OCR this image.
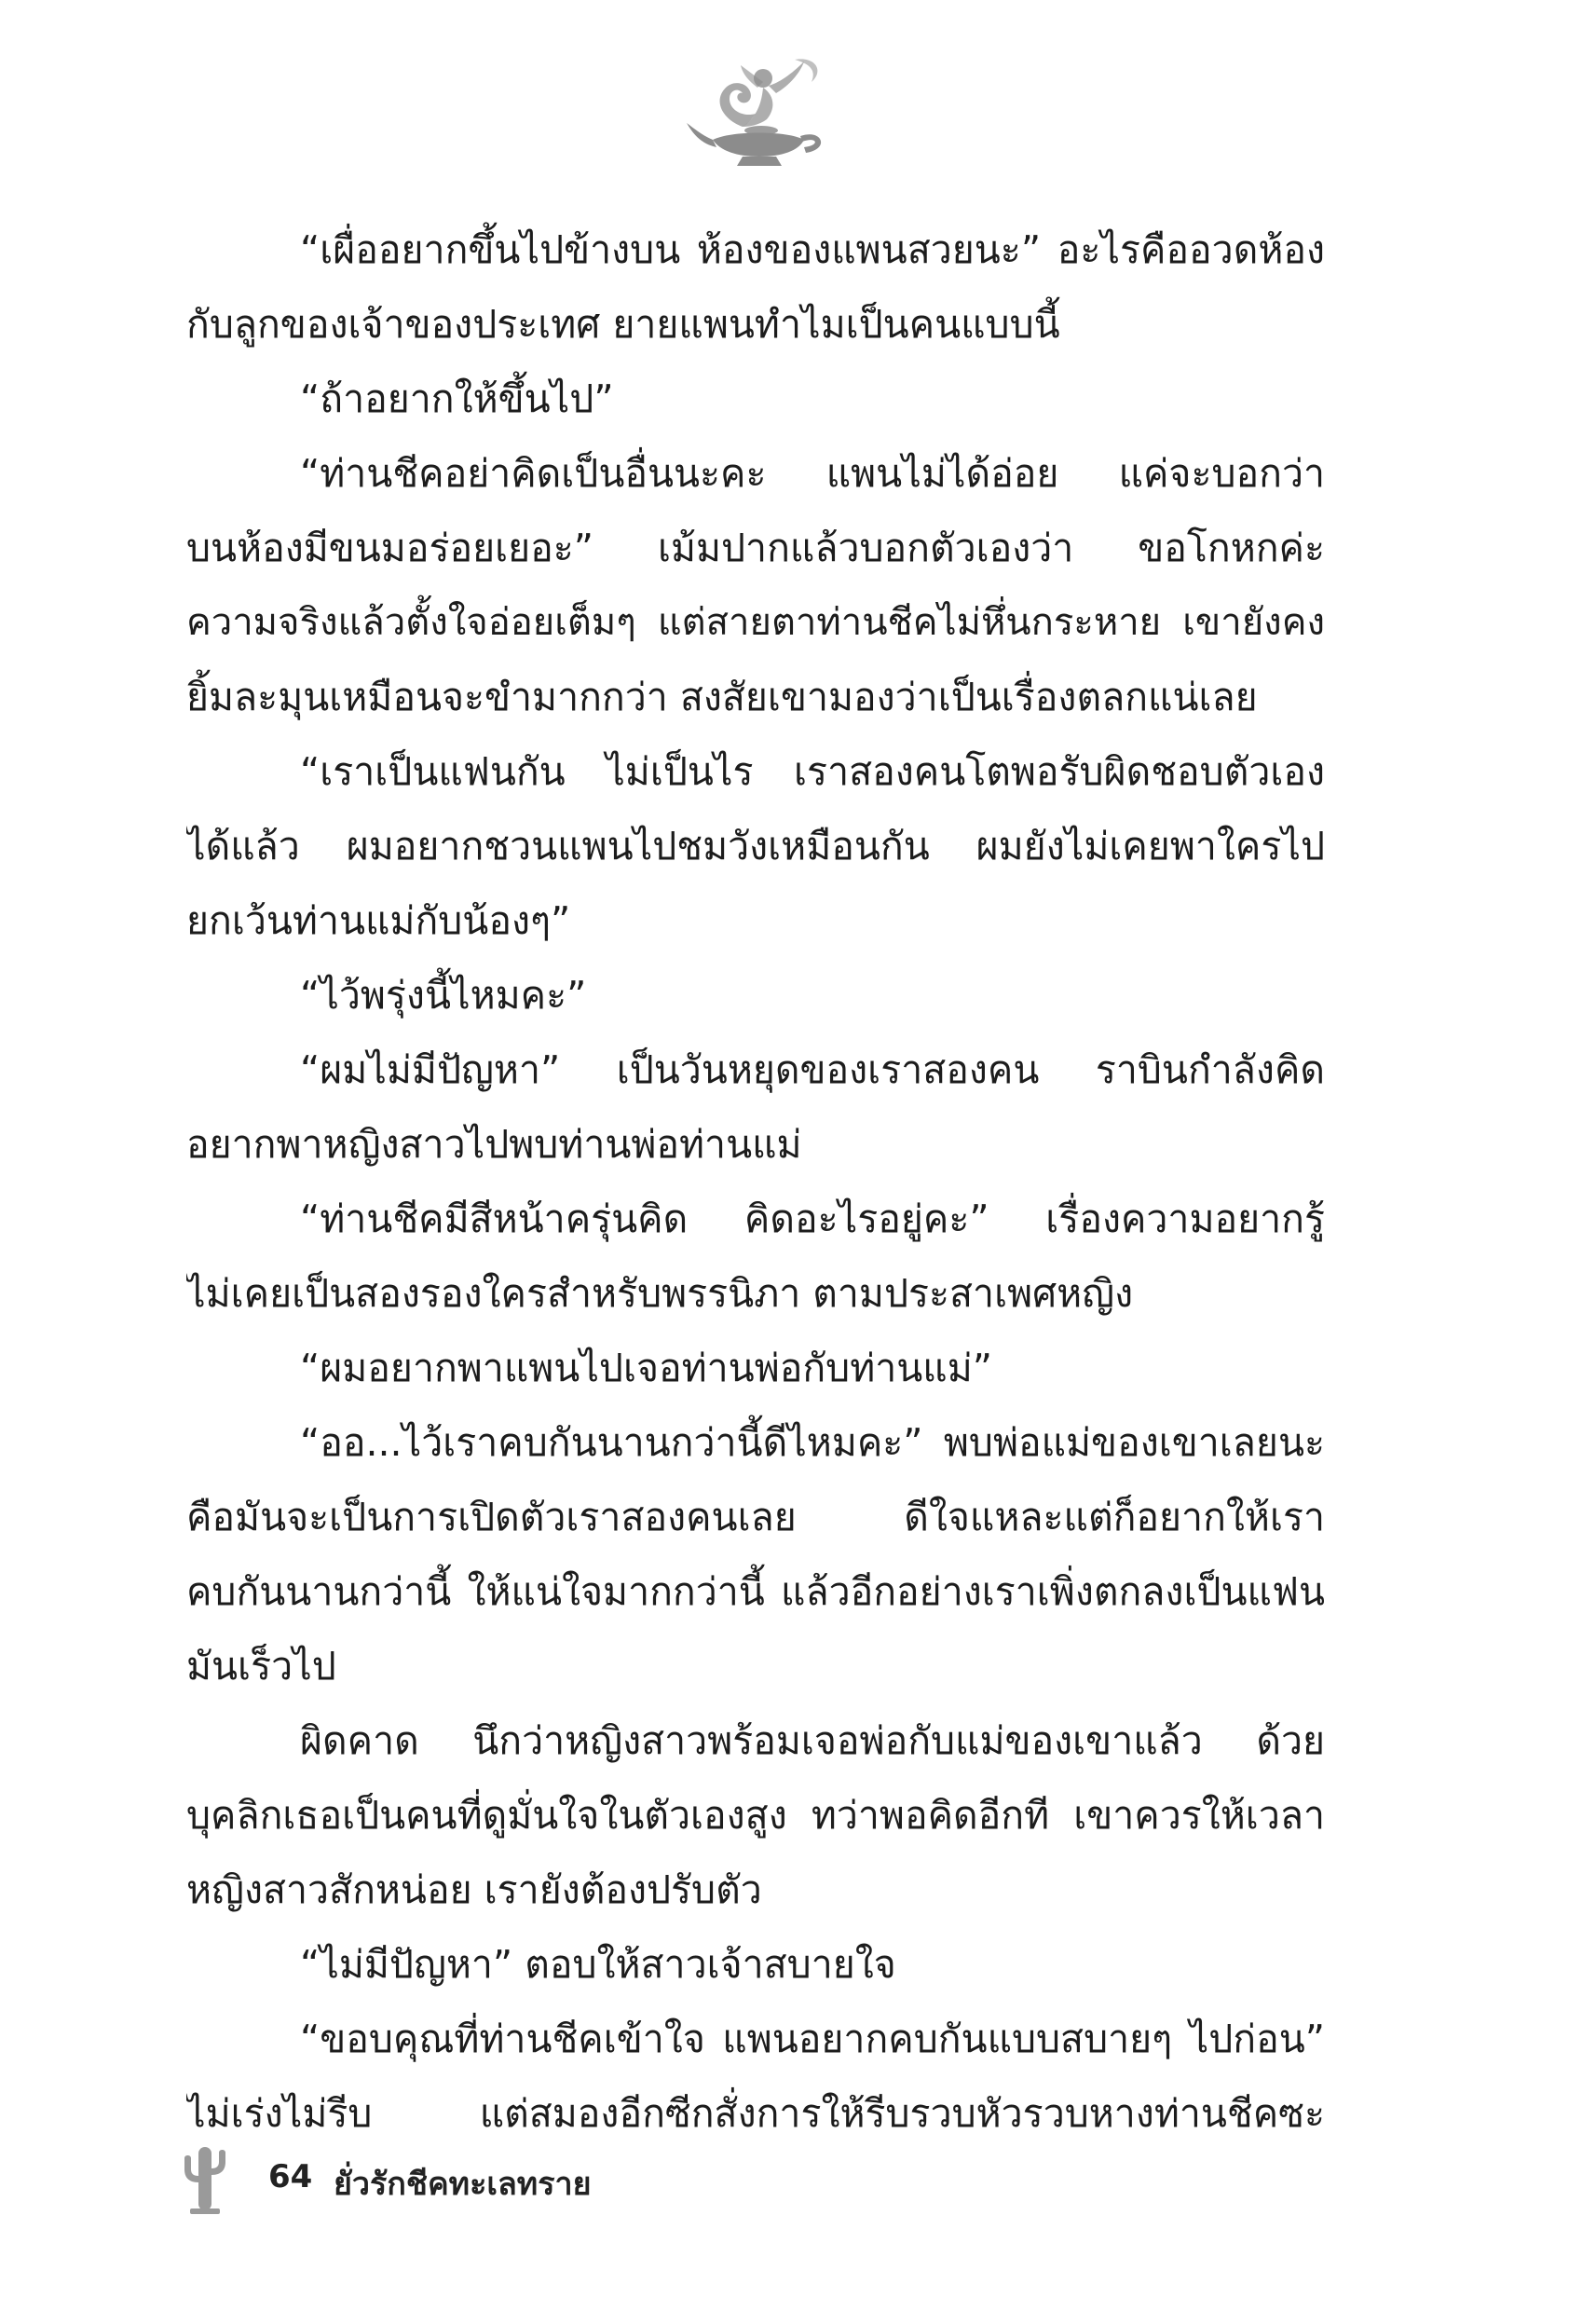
“เผื่ออยากขึ้นไปข้างบน ห้องของแพนสวยนะ” อะไรคืออวดห้อง
กับลูกของเจ้าของประเทศ ยายแพนทำไมเป็นคนแบบนี้
“ถ้าอยากให้ขึ้นไป”
“ท่านชีคอย่าคิดเป็นอื่นนะคะ แพนไม่ได้อ่อย แค่จะบอกว่า
บนห้องมีขนมอร่อยเยอะ” เม้มปากแล้วบอกตัวเองว่า ขอโกหกค่ะ
ความจริงแล้วตั้งใจอ่อยเต็มๆ แต่สายตาท่านชีคไม่หึ่นกระหาย เขายังคง
ยิ้มละมุนเหมือนจะขำมากกว่า สงสัยเขามองว่าเป็นเรื่องตลกแน่เลย
“เราเป็นแฟนกัน ไม่เป็นไร เราสองคนโตพอรับผิดชอบตัวเอง
ได้แล้ว ผมอยากชวนแพนไปชมวังเหมือนกัน ผมยังไม่เคยพาใครไป
ยกเว้นท่านแม่กับน้องๆ”
“ไว้พรุ่งนี้ไหมคะ”
“ผมไม่มีปัญหา” เป็นวันหยุดของเราสองคน ราบินกำลังคิด
อยากพาหญิงสาวไปพบท่านพ่อท่านแม่
“ท่านชีคมีสีหน้าครุ่นคิด คิดอะไรอยู่คะ” เรื่องความอยากรู้
ไม่เคยเป็นสองรองใครสำหรับพรรนิภา ตามประสาเพศหญิง
“ผมอยากพาแพนไปเจอท่านพ่อกับท่านแม่”
“ออ...ไว้เราคบกันนานกว่านี้ดีไหมคะ” พบพ่อแม่ของเขาเลยนะ
คือมันจะเป็นการเปิดตัวเราสองคนเลย ดีใจแหละแต่ก็อยากให้เรา
คบกันนานกว่านี้ ให้แน่ใจมากกว่านี้ แล้วอีกอย่างเราเพิ่งตกลงเป็นแฟน
มันเร็วไป
ผิดคาด นึกว่าหญิงสาวพร้อมเจอพ่อกับแม่ของเขาแล้ว ด้วย
บุคลิกเธอเป็นคนที่ดูมั่นใจในตัวเองสูง ทว่าพอคิดอีกที เขาควรให้เวลา
หญิงสาวสักหน่อย เรายังต้องปรับตัว
“ไม่มีปัญหา” ตอบให้สาวเจ้าสบายใจ
“ขอบคุณที่ท่านชีคเข้าใจ แพนอยากคบกันแบบสบายๆ ไปก่อน”
ไม่เร่งไม่รีบ แต่สมองอีกซีกสั่งการให้รีบรวบหัวรวบหางท่านชีคซะ
64 ยั่วรักชีคทะเลทราย
